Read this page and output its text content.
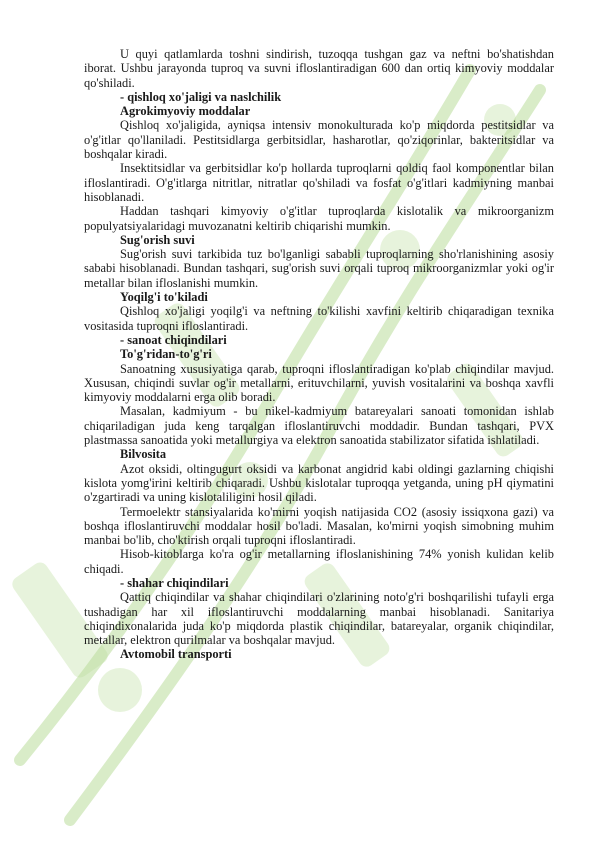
U quyi qatlamlarda toshni sindirish, tuzoqqa tushgan gaz va neftni bo'shatishdan iborat. Ushbu jarayonda tuproq va suvni ifloslantiradigan 600 dan ortiq kimyoviy moddalar qo'shiladi.

- qishloq xo'jaligi va naslchilik

Agrokimyoviy moddalar

Qishloq xo'jaligida, ayniqsa intensiv monokulturada ko'p miqdorda pestitsidlar va o'g'itlar qo'llaniladi. Pestitsidlarga gerbitsidlar, hasharotlar, qo'ziqorinlar, bakteritsidlar va boshqalar kiradi.

Insektitsidlar va gerbitsidlar ko'p hollarda tuproqlarni qoldiq faol komponentlar bilan ifloslantiradi. O'g'itlarga nitritlar, nitratlar qo'shiladi va fosfat o'g'itlari kadmiyning manbai hisoblanadi.

Haddan tashqari kimyoviy o'g'itlar tuproqlarda kislotalik va mikroorganizm populyatsiyalaridagi muvozanatni keltirib chiqarishi mumkin.

Sug'orish suvi

Sug'orish suvi tarkibida tuz bo'lganligi sababli tuproqlarning sho'rlanishining asosiy sababi hisoblanadi. Bundan tashqari, sug'orish suvi orqali tuproq mikroorganizmlar yoki og'ir metallar bilan ifloslanishi mumkin.

Yoqilg'i to'kiladi

Qishloq xo'jaligi yoqilg'i va neftning to'kilishi xavfini keltirib chiqaradigan texnika vositasida tuproqni ifloslantiradi.

- sanoat chiqindilari

To'g'ridan-to'g'ri

Sanoatning xususiyatiga qarab, tuproqni ifloslantiradigan ko'plab chiqindilar mavjud. Xususan, chiqindi suvlar og'ir metallarni, erituvchilarni, yuvish vositalarini va boshqa xavfli kimyoviy moddalarni erga olib boradi.

Masalan, kadmiyum - bu nikel-kadmiyum batareyalari sanoati tomonidan ishlab chiqariladigan juda keng tarqalgan ifloslantiruvchi moddadir. Bundan tashqari, PVX plastmassa sanoatida yoki metallurgiya va elektron sanoatida stabilizator sifatida ishlatiladi.

Bilvosita

Azot oksidi, oltingugurt oksidi va karbonat angidrid kabi oldingi gazlarning chiqishi kislota yomg'irini keltirib chiqaradi. Ushbu kislotalar tuproqqa yetganda, uning pH qiymatini o'zgartiradi va uning kislotaliligini hosil qiladi.

Termoelektr stansiyalarida ko'mirni yoqish natijasida CO2 (asosiy issiqxona gazi) va boshqa ifloslantiruvchi moddalar hosil bo'ladi. Masalan, ko'mirni yoqish simobning muhim manbai bo'lib, cho'ktirish orqali tuproqni ifloslantiradi.

Hisob-kitoblarga ko'ra og'ir metallarning ifloslanishining 74% yonish kulidan kelib chiqadi.

- shahar chiqindilari

Qattiq chiqindilar va shahar chiqindilari o'zlarining noto'g'ri boshqarilishi tufayli erga tushadigan har xil ifloslantiruvchi moddalarning manbai hisoblanadi. Sanitariya chiqindixonalarida juda ko'p miqdorda plastik chiqindilar, batareyalar, organik chiqindilar, metallar, elektron qurilmalar va boshqalar mavjud.

Avtomobil transporti
